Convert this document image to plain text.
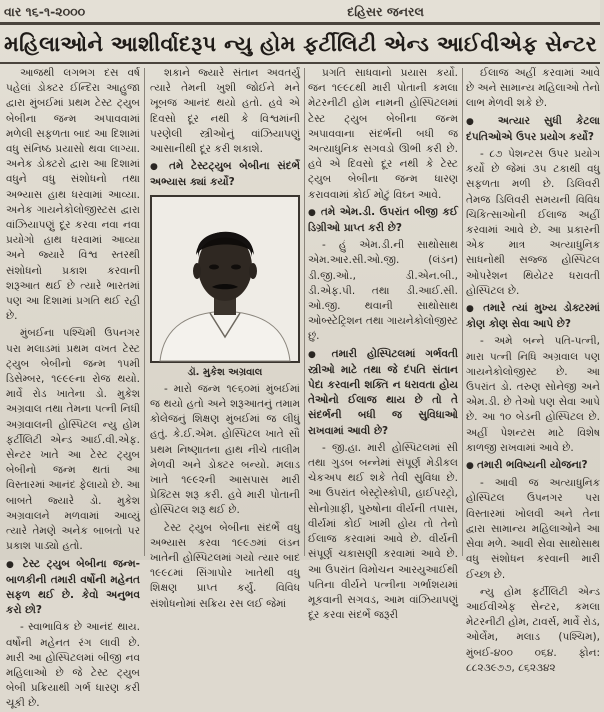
વાર ૧૬-૧-૨૦૦૦	દહિસર જનરલ
મહિલાઓને આશીર્વાદરૂપ ન્યુ હોમ ફર્ટીલિટી એન્ડ આઈવીએફ સેન્ટર

આજથી લગભગ દસ વર્ષ પહેલાં ડોક્ટર ઈન્દિરા આહુજા દ્વારા મુંબઈમાં પ્રથમ ટેસ્ટ ટ્યુબ બેબીના જન્મ અપાવવામાં મળેલી સફળતા બાદ આ દિશામાં વધુ સંનિષ્ઠ પ્રયાસો થવા લાગ્યા. અનેક ડોક્ટરો દ્વારા આ દિશામાં વધુને વધુ સંશોધનો તથા અભ્યાસ હાથ ધરવામાં આવ્યા. અનેક ગાયનેકોલોજીસ્ટસ દ્વારા વાંઝિયાપણું દૂર કરવા નવા નવા પ્રયોગો હાથ ધરવામાં આવ્યા અને જ્યારે વિશ્વ સ્તરથી સંશોધનો પ્રકાશ કરવાની શરૂઆત થઈ છે ત્યારે ભારતમાં પણ આ દિશામાં પ્રગતિ થઈ રહી છે.

મુંબઈના પશ્ચિમી ઉપનગર પરા મલાડમાં પ્રથમ વખત ટેસ્ટ ટ્યુબ બેબીનો જન્મ ૧૫મી ડિસેમ્બર, ૧૯૯૯ના રોજ થયો. માર્વે રોડ ખાતેના ડો. મુકેશ અગ્રવાલ તથા તેમના પત્ની નિધી અગ્રવાલની હોસ્પિટલ ન્યુ હોમ ફર્ટીલિટી એન્ડ આઈ.વી.એફ. સેન્ટર ખાતે આ ટેસ્ટ ટ્યુબ બેબીનો જન્મ થતાં આ વિસ્તારમાં આનંદ ફેલાયો છે. આ બાબતે જ્યારે ડો. મુકેશ અગ્રવાલને મળવામાં આવ્યું ત્યારે તેમણે અનેક બાબતો પર પ્રકાશ પાડ્યો હતો.

● ટેસ્ટ ટ્યુબ બેબીના જન્મ-બાળકીની તમારી વર્ષોની મહેનત સફળ થઈ છે. કેવો અનુભવ કરો છો?

- સ્વાભાવિક છે આનંદ થાય. વર્ષોની મહેનત રંગ લાવી છે. મારી આ હોસ્પિટલમાં બીજી નવ મહિલાઓ છે જે ટેસ્ટ ટ્યુબ બેબી પ્રક્રિયાથી ગર્ભ ધારણ કરી ચૂકી છે.

શકાને જ્યારે સંતાન અવતર્યું ત્યારે તેમની ખુશી જોઈને મને ખૂબજ આનંદ થયો હતો. હવે એ દિવસો દૂર નથી કે વિશ્વમાંની પરણેલી સ્ત્રીઓનું વાંઝિયાપણું આસાનીથી દૂર કરી શકાશે.

● તમે ટેસ્ટટ્યુબ બેબીના સંદર્ભે અભ્યાસ ક્યાં કર્યો?

ડૉ. મુકેશ અગ્રવાલ

- મારો જન્મ ૧૯૬૦માં મુંબઈમાં જ થયો હતો અને શરૂઆતનું તમામ કોલેજનું શિક્ષણ મુંબઈમાં જ લીધું હતું. કે.ઈ.એમ. હોસ્પિટલ ખાતે સૌ પ્રથમ નિષ્ણાતના હાથ નીચે તાલીમ મેળવી અને ડોક્ટર બન્યો. મલાડ ખાતે ૧૯૯૨ની આસપાસ મારી પ્રેક્ટિસ શરૂ કરી. હવે મારી પોતાની હોસ્પિટલ શરૂ થઈ છે.

ટેસ્ટ ટ્યુબ બેબીના સંદર્ભે વધુ અભ્યાસ કરવા ૧૯૯૭માં લંડન ખાતેની હોસ્પિટલમાં ગયો ત્યાર બાદ ૧૯૯૮માં સિંગાપોર ખાતેથી વધુ શિક્ષણ પ્રાપ્ત કર્યું. વિવિધ સંશોધનોમાં સક્રિય રસ લઈ જેમાં

પ્રગતિ સાધવાનો પ્રયાસ કર્યો. જન ૧૯૯૮થી મારી પોતાની કમલા મેટરનીટી હોમ નામની હોસ્પિટલમાં ટેસ્ટ ટ્યુબ બેબીના જન્મ અપાવવાના સંદર્ભની બધી જ અત્યાધુનિક સગવડો ઊભી કરી છે. હવે એ દિવસો દૂર નથી કે ટેસ્ટ ટ્યુબ બેબીના જન્મ ધારણ કરાવવામાં કોઈ મોટું વિઘ્ન આવે.

● તમે એમ.ડી. ઉપરાંત બીજી કઈ ડિગ્રીઓ પ્રાપ્ત કરી છે?

- હું એમ.ડી.ની સાથોસાથ એમ.આર.સી.ઓ.જી. (લંડન) ડી.જી.ઓ., ડી.એન.બી., ડી.એફ.પી. તથા ડી.આઈ.સી. ઓ.જી. થવાની સાથોસાથ ઓબ્સ્ટેટ્રિશન તથા ગાયનેકોલોજીસ્ટ છું.

● તમારી હોસ્પિટલમાં ગર્ભવતી સ્ત્રીઓ માટે તથા જે દંપતિ સંતાન પેદા કરવાની શક્તિ ન ધરાવતા હોય તેઓનો ઈલાજ થાય છે તો તે સંદર્ભની બધી જ સુવિધાઓ રાખવામાં આવી છે?

- જી.હા. મારી હોસ્પિટલમાં સી તથા ગુડબ બન્નેમાં સંપૂર્ણ મેડીકલ ચેકઅપ થઈ શકે તેવી સુવિધા છે. આ ઉપરાંત બેસ્ટ્રોસ્કોપી, હાઈપરટ્રો, સોનોગ્રાફી, પુરુષોના વીર્યની તપાસ, વીર્યમાં કોઈ ખામી હોય તો તેનો ઈલાજ કરવામાં આવે છે. વીર્યની સંપૂર્ણ ચકાસણી કરવામાં આવે છે. આ ઉપરાંત વિમોચન આરયુઆઈથી પતિના વીર્યને પત્નીના ગર્ભાશયમાં મૂકવાની સગવડ, આમ વાંઝિયાપણું દૂર કરવા સંદર્ભે જરૂરી

ઈલાજ અહીં કરવામાં આવે છે અને સામાન્ય મહિલાઓ તેનો લાભ મેળવી શકે છે.

● અત્યાર સુધી કેટલા દંપતિઓએ ઉપર પ્રયોગ કર્યો?

- ૮૭ પેશન્ટસ ઉપર પ્રયોગ કર્યો છે જેમાં ૩૫ ટકાથી વધુ સફળતા મળી છે. ડિલિવરી તેમજ ડિલિવરી સમયની વિવિધ ચિકિત્સાઓની ઈલાજ અહીં કરવામાં આવે છે. આ પ્રકારની એક માત્ર અત્યાધુનિક સાધનોથી સજ્જ હોસ્પિટલ ઓપરેશન થિયેટર ધરાવતી હોસ્પિટલ છે.

● તમારે ત્યાં મુખ્ય ડોક્ટરમાં કોણ કોણ સેવા આપે છે?

- અમે બન્ને પતિ-પત્ની, મારા પત્ની નિધિ અગ્રવાલ પણ ગાયનેકોલોજીસ્ટ છે. આ ઉપરાંત ડો. તરુણ સોનેજી અને એમ.ડી. છે તેઓ પણ સેવા આપે છે. આ ૧૦ બેડની હોસ્પિટલ છે. અહીં પેશન્ટસ માટે વિશેષ કાળજી રાખવામાં આવે છે.

● તમારી ભવિષ્યની યોજના?

- આવી જ અત્યાધુનિક હોસ્પિટલ ઉપનગર પરા વિસ્તારમાં ખોલવી અને તેના દ્વારા સામાન્ય મહિલાઓને આ સેવા મળે. આવી સેવા સાથોસાથ વધુ સંશોધન કરવાની મારી ઈચ્છા છે.

ન્યુ હોમ ફર્ટીલિટી એન્ડ આઈવીએફ સેન્ટર, કમલા મેટરનીટી હોમ, ટાવર્સ, માર્વે રોડ, ઓર્લેમ, મલાડ (પશ્ચિમ), મુંબઈ-૪૦૦ ૦૬૪. ફોન: ૮૮૨૩૯૭૭, ૮૬૨૩૪૨
